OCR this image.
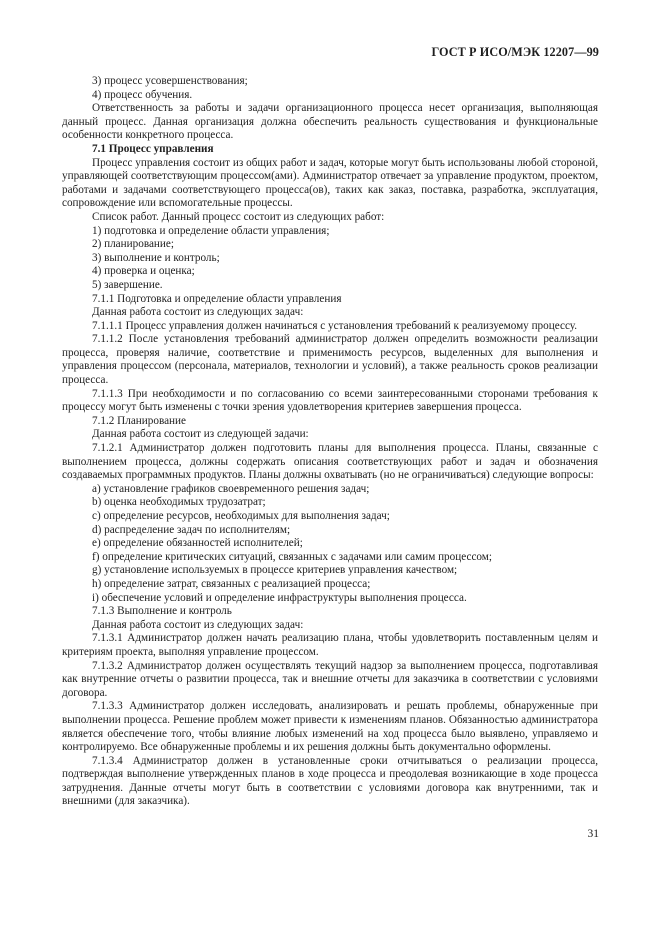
ГОСТ Р ИСО/МЭК 12207—99

3) процесс усовершенствования;

4) процесс обучения.

Ответственность за работы и задачи организационного процесса несет организация, выполняющая данный процесс. Данная организация должна обеспечить реальность существования и функциональные особенности конкретного процесса.

7.1 Процесс управления

Процесс управления состоит из общих работ и задач, которые могут быть использованы любой стороной, управляющей соответствующим процессом(ами). Администратор отвечает за управление продуктом, проектом, работами и задачами соответствующего процесса(ов), таких как заказ, поставка, разработка, эксплуатация, сопровождение или вспомогательные процессы.

Список работ. Данный процесс состоит из следующих работ:

1) подготовка и определение области управления;

2) планирование;

3) выполнение и контроль;

4) проверка и оценка;

5) завершение.

7.1.1 Подготовка и определение области управления

Данная работа состоит из следующих задач:

7.1.1.1 Процесс управления должен начинаться с установления требований к реализуемому процессу.

7.1.1.2 После установления требований администратор должен определить возможности реализации процесса, проверяя наличие, соответствие и применимость ресурсов, выделенных для выполнения и управления процессом (персонала, материалов, технологии и условий), а также реальность сроков реализации процесса.

7.1.1.3 При необходимости и по согласованию со всеми заинтересованными сторонами требования к процессу могут быть изменены с точки зрения удовлетворения критериев завершения процесса.

7.1.2 Планирование

Данная работа состоит из следующей задачи:

7.1.2.1 Администратор должен подготовить планы для выполнения процесса. Планы, связанные с выполнением процесса, должны содержать описания соответствующих работ и задач и обозначения создаваемых программных продуктов. Планы должны охватывать (но не ограничиваться) следующие вопросы:

a) установление графиков своевременного решения задач;

b) оценка необходимых трудозатрат;

c) определение ресурсов, необходимых для выполнения задач;

d) распределение задач по исполнителям;

e) определение обязанностей исполнителей;

f) определение критических ситуаций, связанных с задачами или самим процессом;

g) установление используемых в процессе критериев управления качеством;

h) определение затрат, связанных с реализацией процесса;

i) обеспечение условий и определение инфраструктуры выполнения процесса.

7.1.3 Выполнение и контроль

Данная работа состоит из следующих задач:

7.1.3.1 Администратор должен начать реализацию плана, чтобы удовлетворить поставленным целям и критериям проекта, выполняя управление процессом.

7.1.3.2 Администратор должен осуществлять текущий надзор за выполнением процесса, подготавливая как внутренние отчеты о развитии процесса, так и внешние отчеты для заказчика в соответствии с условиями договора.

7.1.3.3 Администратор должен исследовать, анализировать и решать проблемы, обнаруженные при выполнении процесса. Решение проблем может привести к изменениям планов. Обязанностью администратора является обеспечение того, чтобы влияние любых изменений на ход процесса было выявлено, управляемо и контролируемо. Все обнаруженные проблемы и их решения должны быть документально оформлены.

7.1.3.4 Администратор должен в установленные сроки отчитываться о реализации процесса, подтверждая выполнение утвержденных планов в ходе процесса и преодолевая возникающие в ходе процесса затруднения. Данные отчеты могут быть в соответствии с условиями договора как внутренними, так и внешними (для заказчика).

31
